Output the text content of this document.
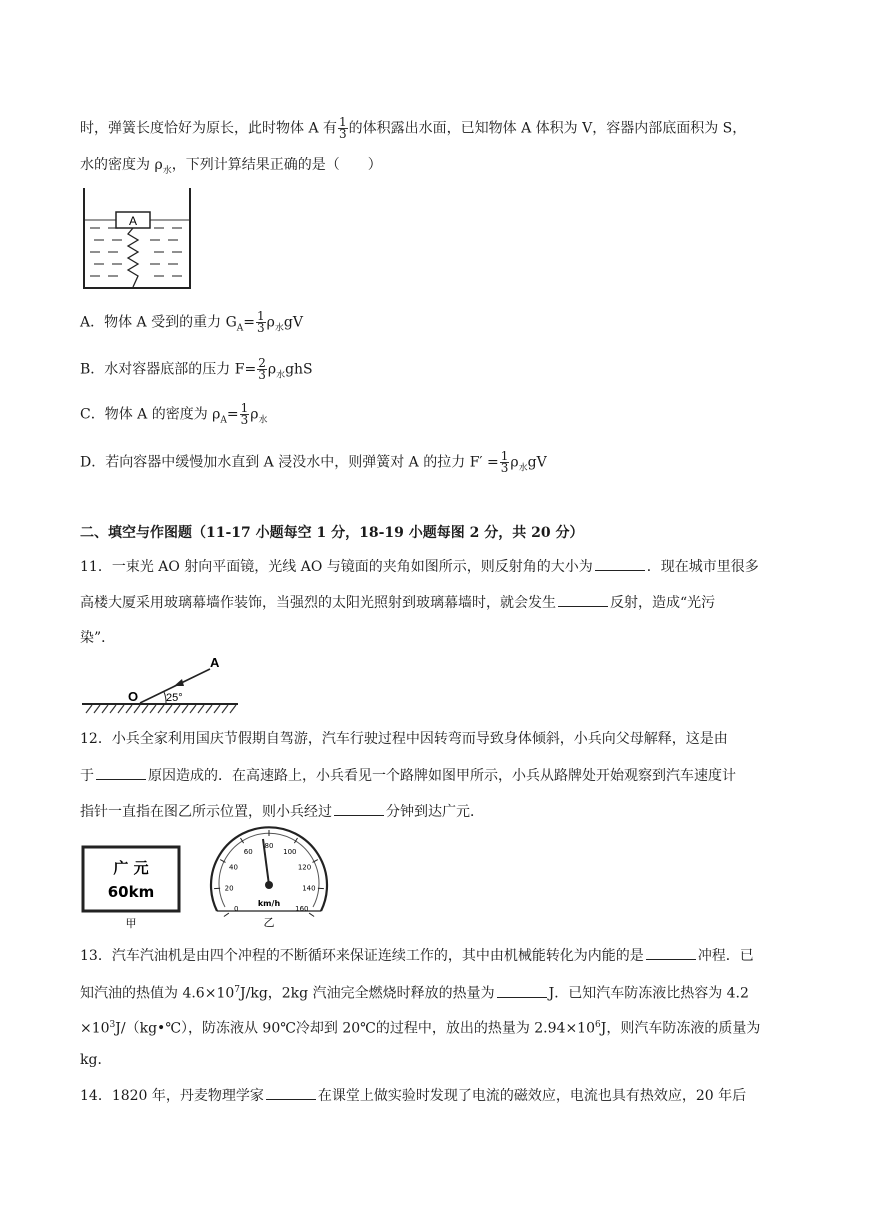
时，弹簧长度恰好为原长，此时物体 A 有 $\frac{1}{3}$ 的体积露出水面，已知物体 A 体积为 V，容器内部底面积为 S，
水的密度为 $\rho_水$，下列计算结果正确的是（　　）
A
A．物体 A 受到的重力 $G_A= \frac{1}{3} \rho_水gV$
B．水对容器底部的压力 $F= \frac{2}{3} \rho_水ghS$
C．物体 A 的密度为 $\rho_A= \frac{1}{3} \rho_水$
D．若向容器中缓慢加水直到 A 浸没水中，则弹簧对 A 的拉力 $F' = \frac{1}{3} \rho_水gV$
二、填空与作图题（11-17 小题每空 1 分，18-19 小题每图 2 分，共 20 分）
11．一束光 AO 射向平面镜，光线 AO 与镜面的夹角如图所示，则反射角的大小为	．现在城市里很多
高楼大厦采用玻璃幕墙作装饰，当强烈的太阳光照射到玻璃幕墙时，就会发生	反射，造成“光污
染”．
A
O	25°
12．小兵全家利用国庆节假期自驾游，汽车行驶过程中因转弯而导致身体倾斜，小兵向父母解释，这是由
于	原因造成的．在高速路上，小兵看见一个路牌如图甲所示，小兵从路牌处开始观察到汽车速度计
指针一直指在图乙所示位置，则小兵经过	分钟到达广元．
广 元
60km
甲
0
20
40
60
80
100
120
140
160
km/h
乙
13．汽车汽油机是由四个冲程的不断循环来保证连续工作的，其中由机械能转化为内能的是	冲程．已
知汽油的热值为 $4.6\times 10^7J/kg$，2kg 汽油完全燃烧时释放的热量为	J．已知汽车防冻液比热容为 4.2
$\times 10^3J/(kg•℃)$，防冻液从 90℃冷却到 20℃的过程中，放出的热量为 $2.94\times 10^6J$，则汽车防冻液的质量为
kg．
14．1820 年，丹麦物理学家	在课堂上做实验时发现了电流的磁效应，电流也具有热效应，20 年后
